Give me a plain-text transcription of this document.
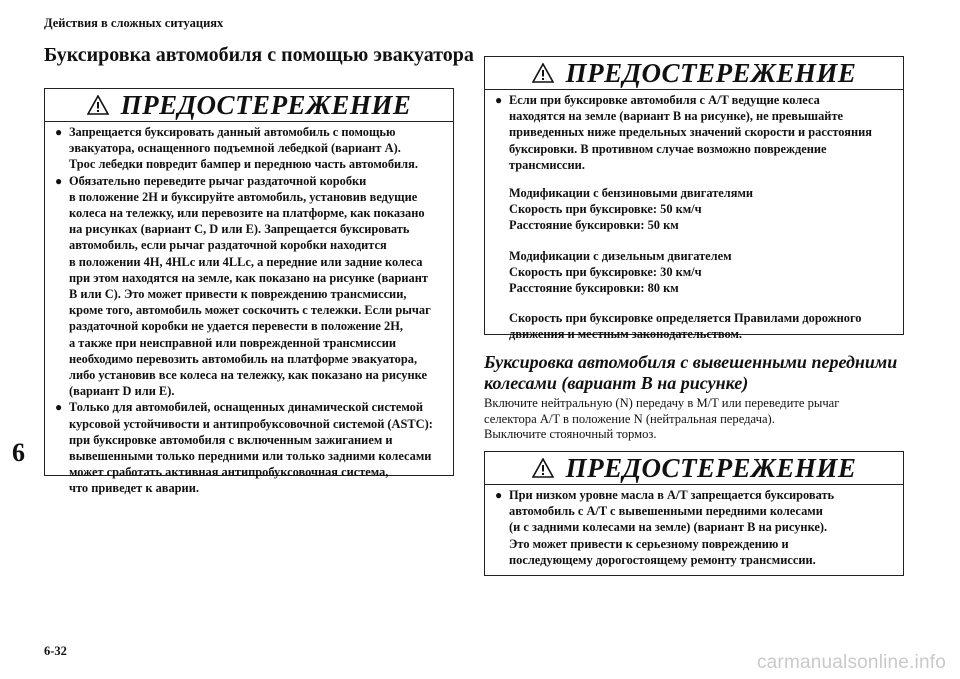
Действия в сложных ситуациях
Буксировка автомобиля с помощью эвакуатора
ПРЕДОСТЕРЕЖЕНИЕ
● Запрещается буксировать данный автомобиль с помощью
эвакуатора, оснащенного подъемной лебедкой (вариант А).
Трос лебедки повредит бампер и переднюю часть автомобиля.
● Обязательно переведите рычаг раздаточной коробки
в положение 2H и буксируйте автомобиль, установив ведущие
колеса на тележку, или перевозите на платформе, как показано
на рисунках (вариант C, D или E). Запрещается буксировать
автомобиль, если рычаг раздаточной коробки находится
в положении 4H, 4HLc или 4LLc, а передние или задние колеса
при этом находятся на земле, как показано на рисунке (вариант
B или C). Это может привести к повреждению трансмиссии,
кроме того, автомобиль может соскочить с тележки. Если рычаг
раздаточной коробки не удается перевести в положение 2H,
а также при неисправной или поврежденной трансмиссии
необходимо перевозить автомобиль на платформе эвакуатора,
либо установив все колеса на тележку, как показано на рисунке
(вариант D или E).
● Только для автомобилей, оснащенных динамической системой
курсовой устойчивости и антипробуксовочной системой (ASTC):
при буксировке автомобиля с включенным зажиганием и
вывешенными только передними или только задними колесами
может сработать активная антипробуксовочная система,
что приведет к аварии.
ПРЕДОСТЕРЕЖЕНИЕ
● Если при буксировке автомобиля с А/T ведущие колеса
находятся на земле (вариант В на рисунке), не превышайте
приведенных ниже предельных значений скорости и расстояния
буксировки. В противном случае возможно повреждение
трансмиссии.
Модификации с бензиновыми двигателями
Скорость при буксировке: 50 км/ч
Расстояние буксировки: 50 км
Модификации с дизельным двигателем
Скорость при буксировке: 30 км/ч
Расстояние буксировки: 80 км
Скорость при буксировке определяется Правилами дорожного
движения и местным законодательством.
Буксировка автомобиля с вывешенными передними
колесами (вариант В на рисунке)
Включите нейтральную (N) передачу в M/T или переведите рычаг
селектора A/T в положение N (нейтральная передача).
Выключите стояночный тормоз.
ПРЕДОСТЕРЕЖЕНИЕ
● При низком уровне масла в A/T запрещается буксировать
автомобиль с A/T с вывешенными передними колесами
(и с задними колесами на земле) (вариант В на рисунке).
Это может привести к серьезному повреждению и
последующему дорогостоящему ремонту трансмиссии.
6
6-32
carmanualsonline.info
